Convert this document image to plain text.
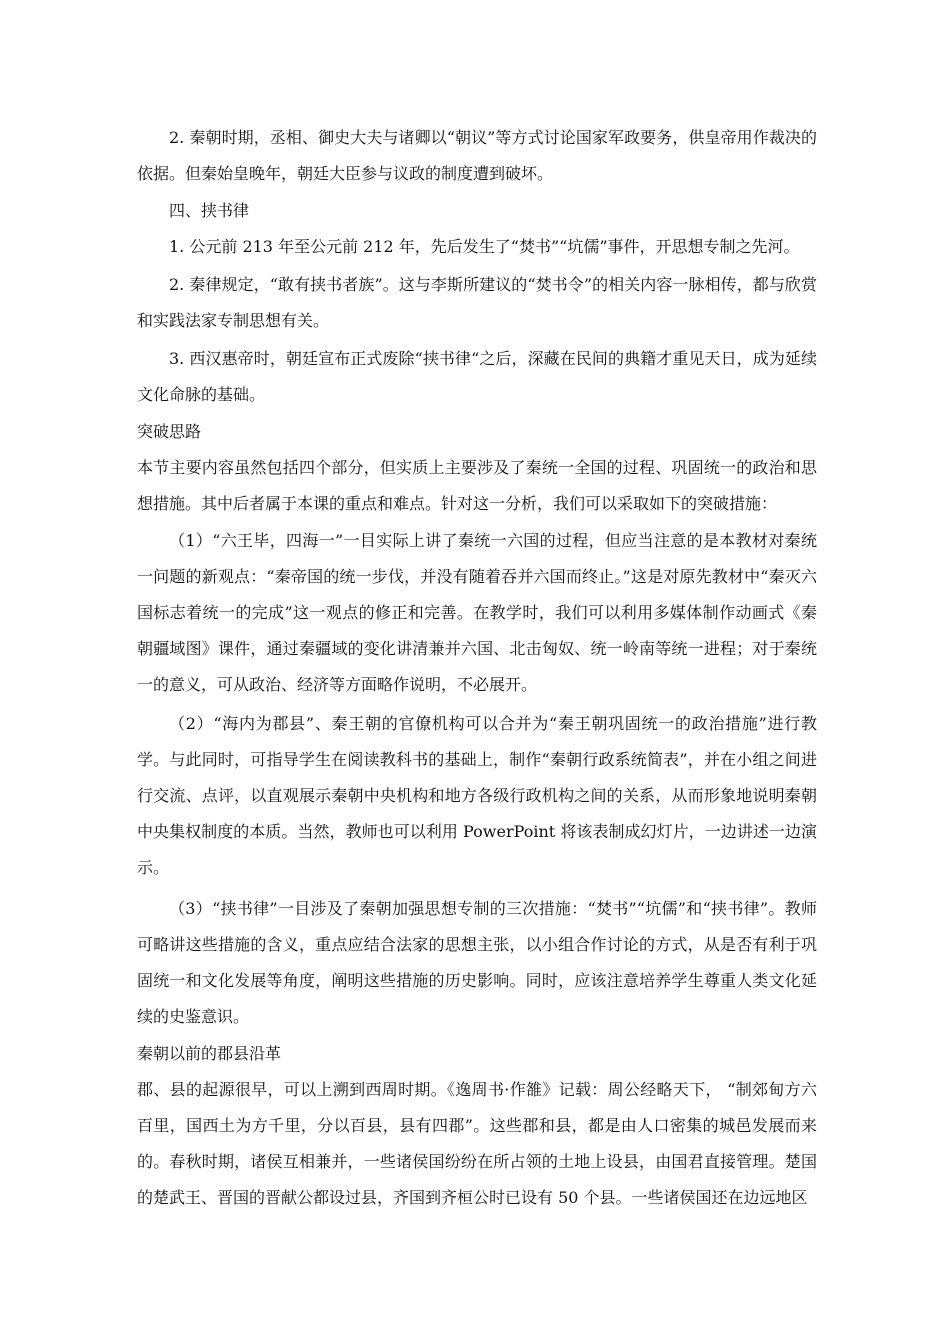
2. 秦朝时期，丞相、御史大夫与诸卿以“朝议”等方式讨论国家军政要务，供皇帝用作裁决的依据。但秦始皇晚年，朝廷大臣参与议政的制度遭到破坏。

四、挟书律

1. 公元前 213 年至公元前 212 年，先后发生了“焚书”“坑儒”事件，开思想专制之先河。

2. 秦律规定，“敢有挟书者族”。这与李斯所建议的“焚书令”的相关内容一脉相传，都与欣赏和实践法家专制思想有关。

3. 西汉惠帝时，朝廷宣布正式废除“挟书律“之后，深藏在民间的典籍才重见天日，成为延续文化命脉的基础。

突破思路

本节主要内容虽然包括四个部分，但实质上主要涉及了秦统一全国的过程、巩固统一的政治和思想措施。其中后者属于本课的重点和难点。针对这一分析，我们可以采取如下的突破措施：

（1）“六王毕，四海一”一目实际上讲了秦统一六国的过程，但应当注意的是本教材对秦统一问题的新观点：“秦帝国的统一步伐，并没有随着吞并六国而终止。”这是对原先教材中“秦灭六国标志着统一的完成”这一观点的修正和完善。在教学时，我们可以利用多媒体制作动画式《秦朝疆域图》课件，通过秦疆域的变化讲清兼并六国、北击匈奴、统一岭南等统一进程；对于秦统一的意义，可从政治、经济等方面略作说明，不必展开。

（2）“海内为郡县”、秦王朝的官僚机构可以合并为“秦王朝巩固统一的政治措施”进行教学。与此同时，可指导学生在阅读教科书的基础上，制作“秦朝行政系统简表”，并在小组之间进行交流、点评，以直观展示秦朝中央机构和地方各级行政机构之间的关系，从而形象地说明秦朝中央集权制度的本质。当然，教师也可以利用 PowerPoint 将该表制成幻灯片，一边讲述一边演示。

（3）“挟书律”一目涉及了秦朝加强思想专制的三次措施：“焚书”“坑儒”和“挟书律”。教师可略讲这些措施的含义，重点应结合法家的思想主张，以小组合作讨论的方式，从是否有利于巩固统一和文化发展等角度，阐明这些措施的历史影响。同时，应该注意培养学生尊重人类文化延续的史鉴意识。

秦朝以前的郡县沿革

郡、县的起源很早，可以上溯到西周时期。《逸周书·作雒》记载：周公经略天下， “制郊甸方六百里，国西土为方千里，分以百县，县有四郡”。这些郡和县，都是由人口密集的城邑发展而来的。春秋时期，诸侯互相兼并，一些诸侯国纷纷在所占领的土地上设县，由国君直接管理。楚国的楚武王、晋国的晋献公都设过县，齐国到齐桓公时已设有 50 个县。一些诸侯国还在边远地区
